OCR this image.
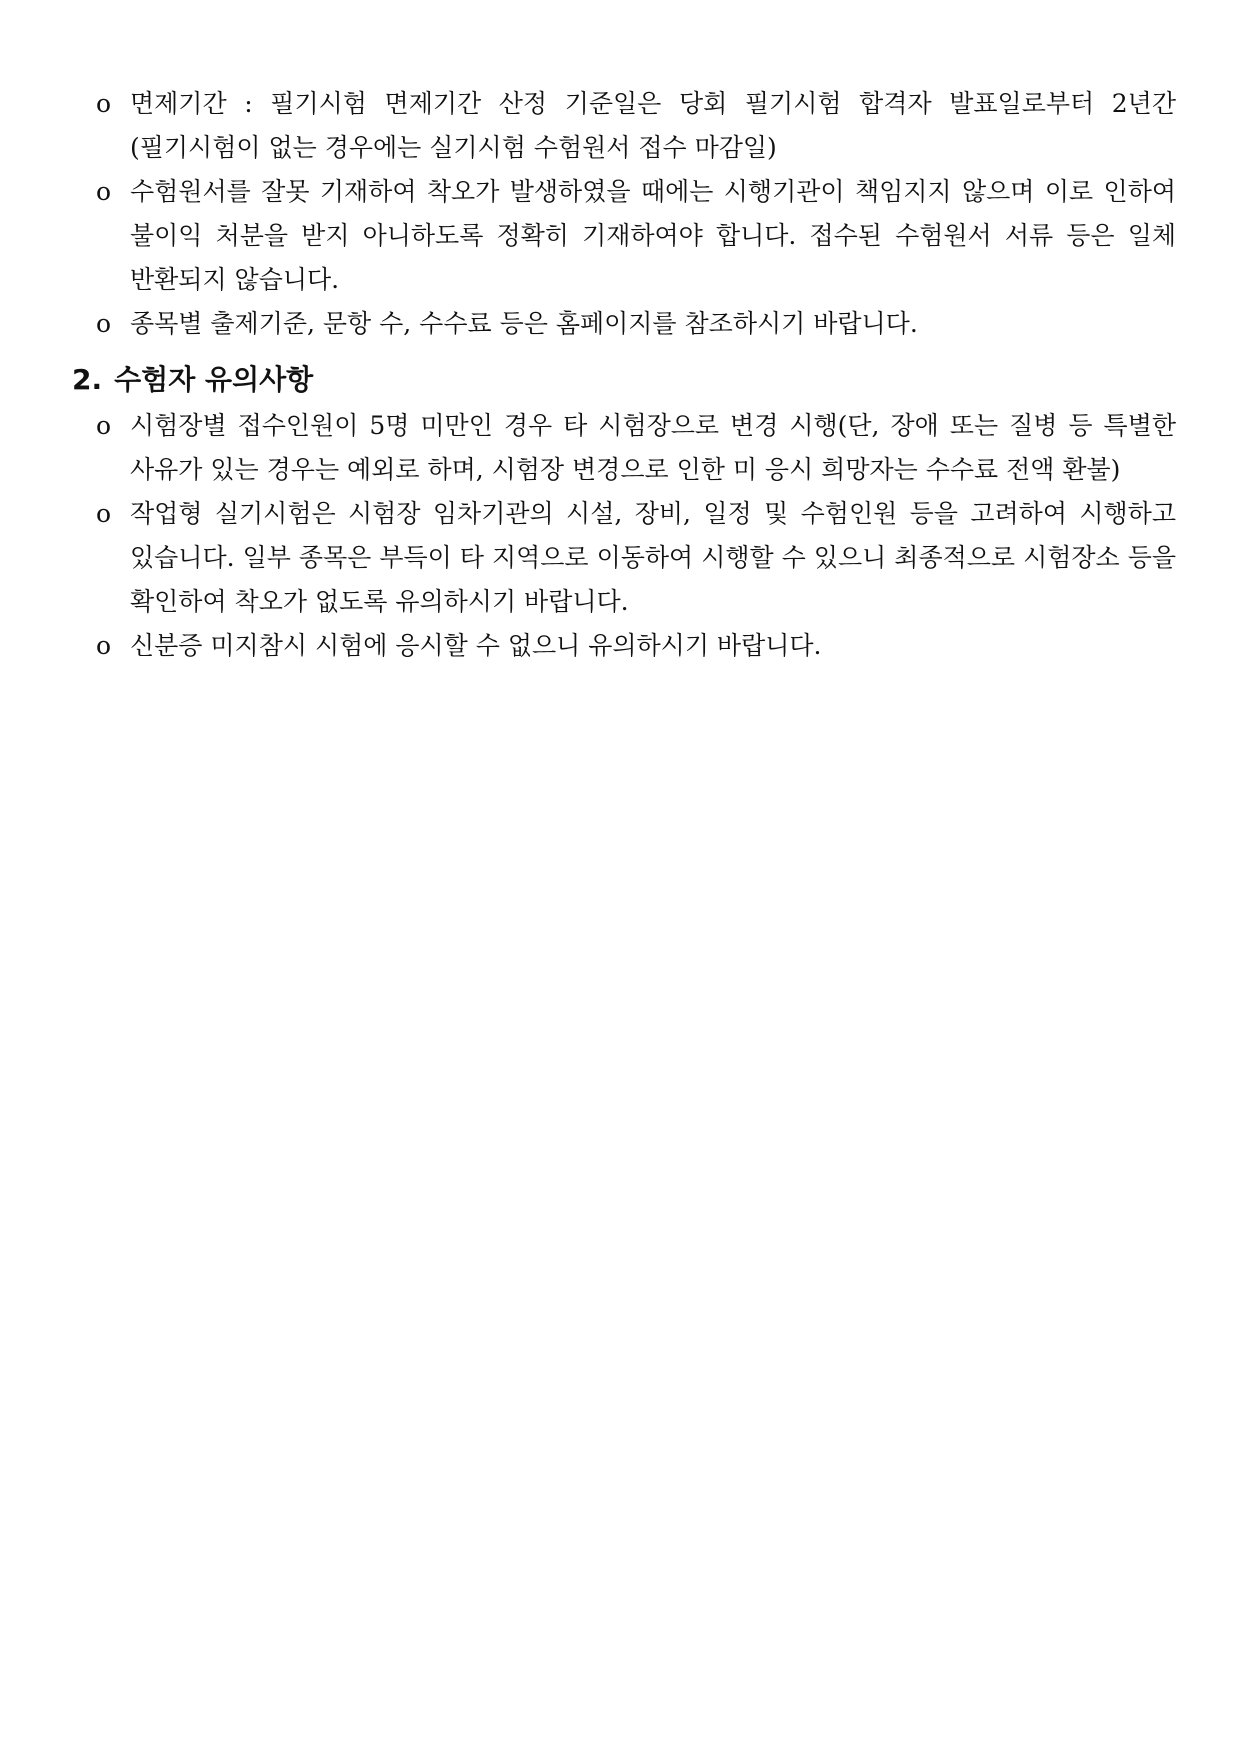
o 면제기간 : 필기시험 면제기간 산정 기준일은 당회 필기시험 합격자 발표일로부터 2년간 (필기시험이 없는 경우에는 실기시험 수험원서 접수 마감일)

o 수험원서를 잘못 기재하여 착오가 발생하였을 때에는 시행기관이 책임지지 않으며 이로 인하여 불이익 처분을 받지 아니하도록 정확히 기재하여야 합니다. 접수된 수험원서 서류 등은 일체 반환되지 않습니다.

o 종목별 출제기준, 문항 수, 수수료 등은 홈페이지를 참조하시기 바랍니다.

2. 수험자 유의사항

o 시험장별 접수인원이 5명 미만인 경우 타 시험장으로 변경 시행(단, 장애 또는 질병 등 특별한 사유가 있는 경우는 예외로 하며, 시험장 변경으로 인한 미 응시 희망자는 수수료 전액 환불)

o 작업형 실기시험은 시험장 임차기관의 시설, 장비, 일정 및 수험인원 등을 고려하여 시행하고 있습니다. 일부 종목은 부득이 타 지역으로 이동하여 시행할 수 있으니 최종적으로 시험장소 등을 확인하여 착오가 없도록 유의하시기 바랍니다.

o 신분증 미지참시 시험에 응시할 수 없으니 유의하시기 바랍니다.
